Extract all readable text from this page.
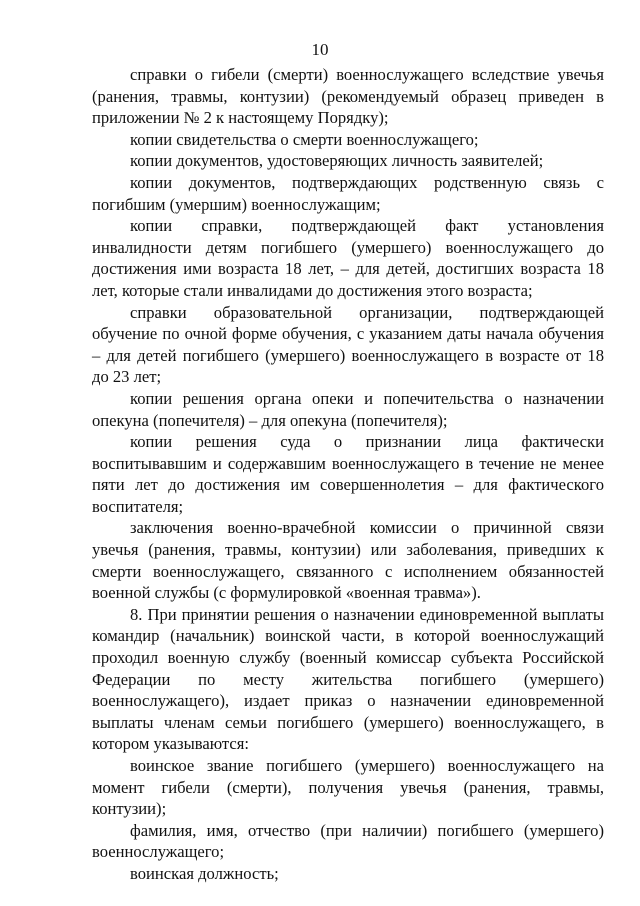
10

справки о гибели (смерти) военнослужащего вследствие увечья (ранения, травмы, контузии) (рекомендуемый образец приведен в приложении № 2 к настоящему Порядку);

копии свидетельства о смерти военнослужащего;

копии документов, удостоверяющих личность заявителей;

копии документов, подтверждающих родственную связь с погибшим (умершим) военнослужащим;

копии справки, подтверждающей факт установления инвалидности детям погибшего (умершего) военнослужащего до достижения ими возраста 18 лет, – для детей, достигших возраста 18 лет, которые стали инвалидами до достижения этого возраста;

справки образовательной организации, подтверждающей обучение по очной форме обучения, с указанием даты начала обучения – для детей погибшего (умершего) военнослужащего в возрасте от 18 до 23 лет;

копии решения органа опеки и попечительства о назначении опекуна (попечителя) – для опекуна (попечителя);

копии решения суда о признании лица фактически воспитывавшим и содержавшим военнослужащего в течение не менее пяти лет до достижения им совершеннолетия – для фактического воспитателя;

заключения военно-врачебной комиссии о причинной связи увечья (ранения, травмы, контузии) или заболевания, приведших к смерти военнослужащего, связанного с исполнением обязанностей военной службы (с формулировкой «военная травма»).

8. При принятии решения о назначении единовременной выплаты командир (начальник) воинской части, в которой военнослужащий проходил военную службу (военный комиссар субъекта Российской Федерации по месту жительства погибшего (умершего) военнослужащего), издает приказ о назначении единовременной выплаты членам семьи погибшего (умершего) военнослужащего, в котором указываются:

воинское звание погибшего (умершего) военнослужащего на момент гибели (смерти), получения увечья (ранения, травмы, контузии);

фамилия, имя, отчество (при наличии) погибшего (умершего) военнослужащего;

воинская должность;
